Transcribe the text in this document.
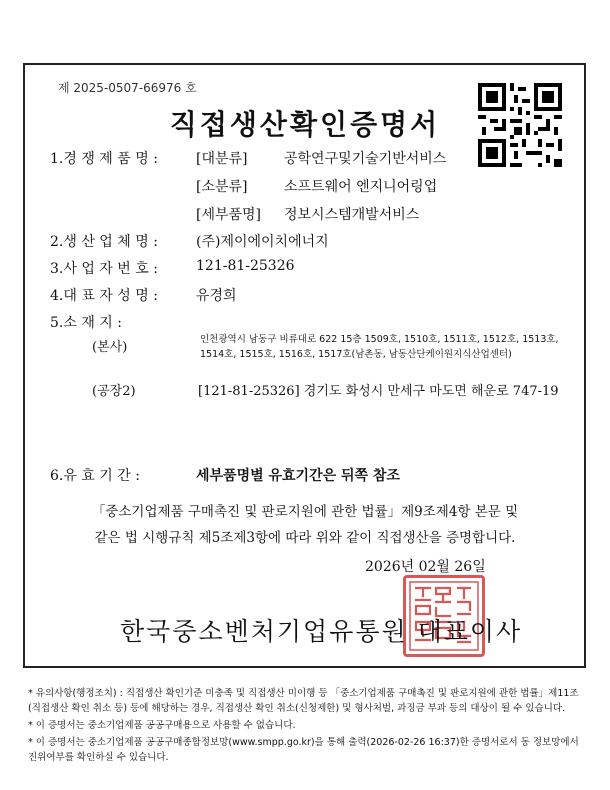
제 2025-0507-66976 호
직접생산확인증명서
1.경 쟁 제 품 명 :	[대분류]	공학연구및기술기반서비스
[소분류]	소프트웨어 엔지니어링업
[세부품명] 정보시스템개발서비스
2.생 산 업 체 명 :	(주)제이에이치에너지
3.사 업 자 번 호 :	121-81-25326
4.대 표 자 성 명 :	유경희
5.소 재 지 :
(본사)
인천광역시 남동구 비류대로 622 15층 1509호, 1510호, 1511호, 1512호, 1513호,
1514호, 1515호, 1516호, 1517호(남촌동, 남동산단케이원지식산업센터)
(공장2)	[121-81-25326] 경기도 화성시 만세구 마도면 해운로 747-19
6.유 효 기 간 :	세부품명별 유효기간은 뒤쪽 참조
「중소기업제품 구매촉진 및 판로지원에 관한 법률」제9조제4항 본문 및
같은 법 시행규칙 제5조제3항에 따라 위와 같이 직접생산을 증명합니다.
2026년 02월 26일
한국중소벤처기업유통원 대표이사

* 유의사항(행정조치) : 직접생산 확인기준 미충족 및 직접생산 미이행 등 「중소기업제품 구매촉진 및 판로지원에 관한 법률」제11조(직접생산 확인 취소 등) 등에 해당하는 경우, 직접생산 확인 취소(신청제한) 및 형사처벌, 과징금 부과 등의 대상이 될 수 있습니다.

* 이 증명서는 중소기업제품 공공구매용으로 사용할 수 없습니다.

* 이 증명서는 중소기업제품 공공구매종합정보망(www.smpp.go.kr)을 통해 출력(2026-02-26 16:37)한 증명서로서 동 정보망에서 진위여부를 확인하실 수 있습니다.
